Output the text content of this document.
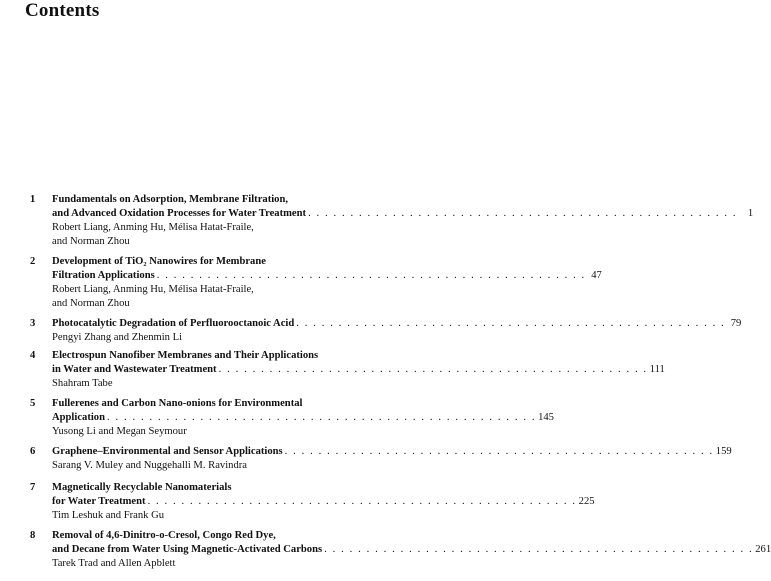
Contents
1 Fundamentals on Adsorption, Membrane Filtration,
and Advanced Oxidation Processes for Water Treatment . . . . . . . . . . . . . . . . . . . . . . . . . . . . . . . . . . . . . . . . . . . . . . . . . . .	1
Robert Liang, Anming Hu, Mélisa Hatat-Fraile,
and Norman Zhou
2 Development of TiO₂ Nanowires for Membrane
Filtration Applications . . . . . . . . . . . . . . . . . . . . . . . . . . . . . . . . . . . . . . . . . . . . . . . . . . . 47
Robert Liang, Anming Hu, Mélisa Hatat-Fraile,
and Norman Zhou
3 Photocatalytic Degradation of Perfluorooctanoic Acid . . . . . . . . . . . . . . . . . . . . . . . . . . . . . . . . . . . . . . . . . . . . . . . . . . . 79
Pengyi Zhang and Zhenmin Li
4 Electrospun Nanofiber Membranes and Their Applications
in Water and Wastewater Treatment . . . . . . . . . . . . . . . . . . . . . . . . . . . . . . . . . . . . . . . . . . . . . . . . . . . 111
Shahram Tabe
5 Fullerenes and Carbon Nano-onions for Environmental
Application . . . . . . . . . . . . . . . . . . . . . . . . . . . . . . . . . . . . . . . . . . . . . . . . . . . 145
Yusong Li and Megan Seymour
6 Graphene–Environmental and Sensor Applications . . . . . . . . . . . . . . . . . . . . . . . . . . . . . . . . . . . . . . . . . . . . . . . . . . . 159
Sarang V. Muley and Nuggehalli M. Ravindra
7 Magnetically Recyclable Nanomaterials
for Water Treatment . . . . . . . . . . . . . . . . . . . . . . . . . . . . . . . . . . . . . . . . . . . . . . . . . . . 225
Tim Leshuk and Frank Gu
8 Removal of 4,6-Dinitro-o-Cresol, Congo Red Dye,
and Decane from Water Using Magnetic-Activated Carbons . . . . . . . . . . . . . . . . . . . . . . . . . . . . . . . . . . . . . . . . . . . . . . . . . . . 261
Tarek Trad and Allen Apblett
